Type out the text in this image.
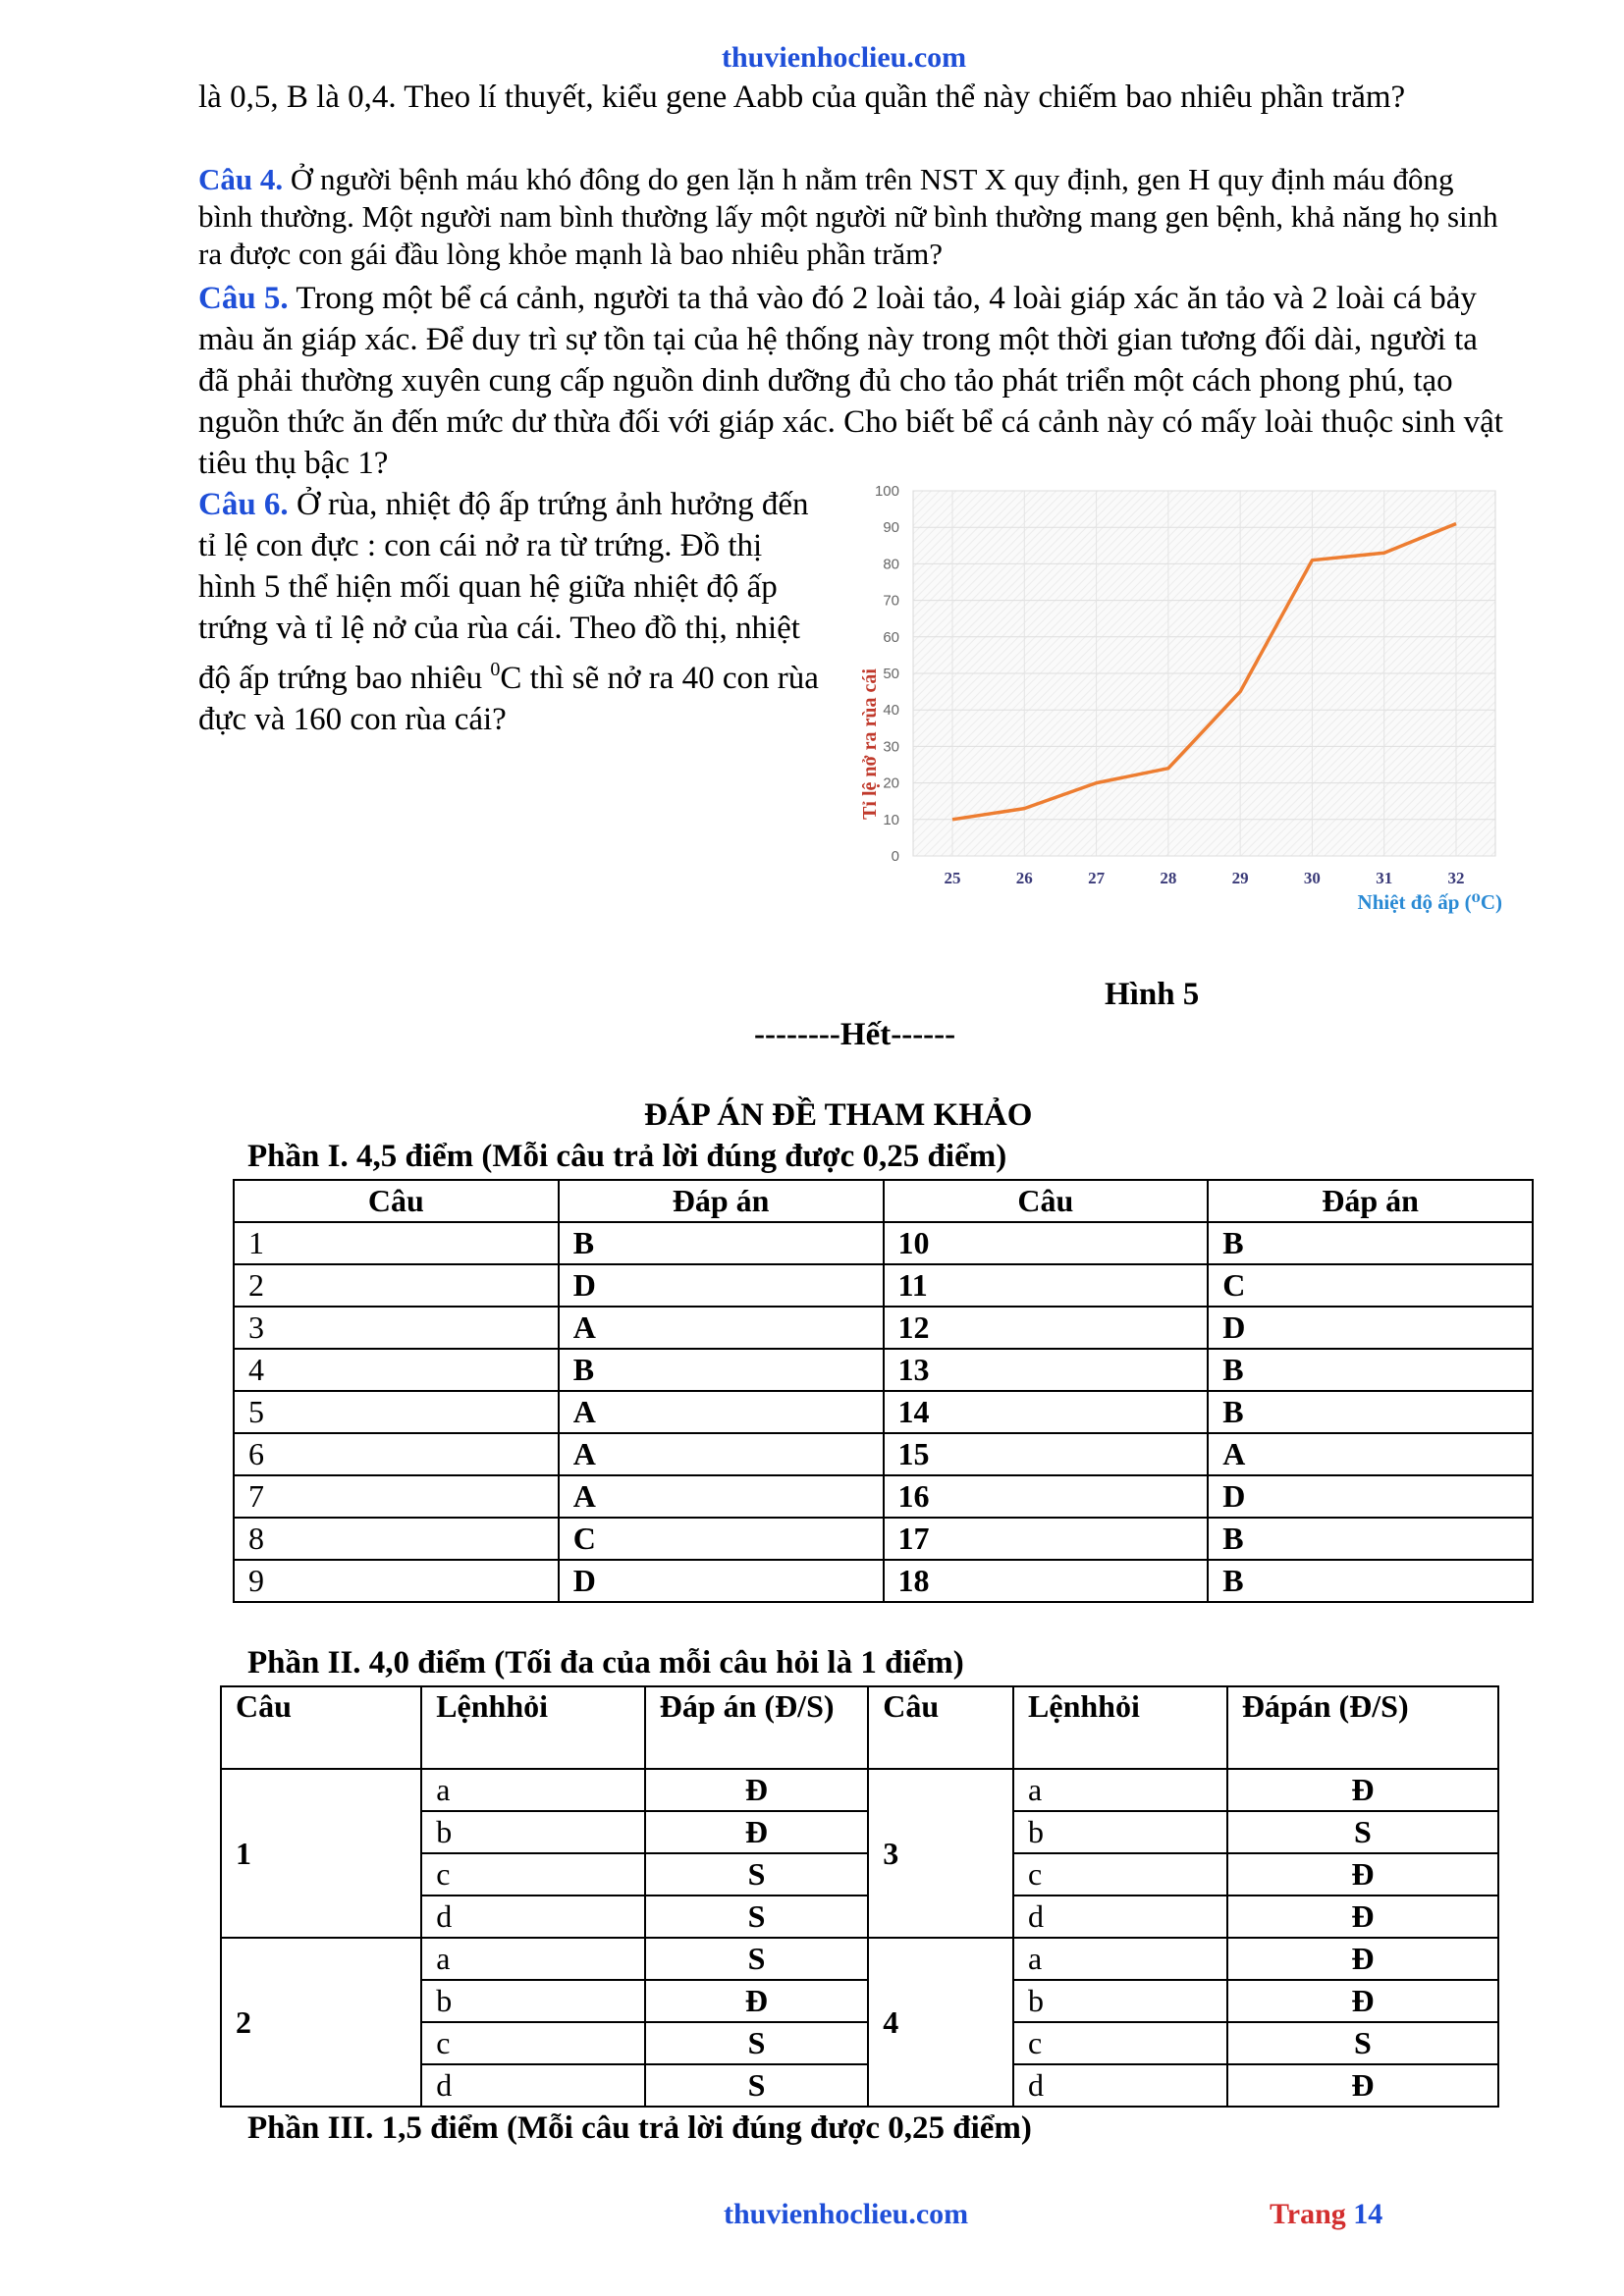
thuvienhoclieu.com

là 0,5, B là 0,4. Theo lí thuyết, kiểu gene Aabb của quần thể này chiếm bao nhiêu phần trăm?

Câu 4. Ở người bệnh máu khó đông do gen lặn h nằm trên NST X quy định, gen H quy định máu đông bình thường. Một người nam bình thường lấy một người nữ bình thường mang gen bệnh, khả năng họ sinh ra được con gái đầu lòng khỏe mạnh là bao nhiêu phần trăm?

Câu 5. Trong một bể cá cảnh, người ta thả vào đó 2 loài tảo, 4 loài giáp xác ăn tảo và 2 loài cá bảy màu ăn giáp xác. Để duy trì sự tồn tại của hệ thống này trong một thời gian tương đối dài, người ta đã phải thường xuyên cung cấp nguồn dinh dưỡng đủ cho tảo phát triển một cách phong phú, tạo nguồn thức ăn đến mức dư thừa đối với giáp xác. Cho biết bể cá cảnh này có mấy loài thuộc sinh vật tiêu thụ bậc 1?

Câu 6. Ở rùa, nhiệt độ ấp trứng ảnh hưởng đến tỉ lệ con đực : con cái nở ra từ trứng. Đồ thị hình 5 thể hiện mối quan hệ giữa nhiệt độ ấp trứng và tỉ lệ nở của rùa cái. Theo đồ thị, nhiệt độ ấp trứng bao nhiêu $^0$C thì sẽ nở ra 40 con rùa đực và 160 con rùa cái?

0
10
20
30
40
50
60
70
80
90
100
25	26	27	28	29	30	31	32
Tỉ lệ nở ra rùa cái
Nhiệt độ ấp (⁰C)
Hình 5
--------Hết------
ĐÁP ÁN ĐỀ THAM KHẢO
Phần I. 4,5 điểm (Mỗi câu trả lời đúng được 0,25 điểm)
Câu	Đáp án	Câu	Đáp án
1	B	10	B
2	D	11	C
3	A	12	D
4	B	13	B
5	A	14	B
6	A	15	A
7	A	16	D
8	C	17	B
9	D	18	B
Phần II. 4,0 điểm (Tối đa của mỗi câu hỏi là 1 điểm)
Câu	Lệnhhỏi	Đáp án (Đ/S)	Câu	Lệnhhỏi	Đápán (Đ/S)
1	a	Đ	3	a	Đ
	b	Đ		b	S
	c	S		c	Đ
	d	S		d	Đ
2	a	S	4	a	Đ
	b	Đ		b	Đ
	c	S		c	S
	d	S		d	Đ
Phần III. 1,5 điểm (Mỗi câu trả lời đúng được 0,25 điểm)
thuvienhoclieu.com	Trang 14
